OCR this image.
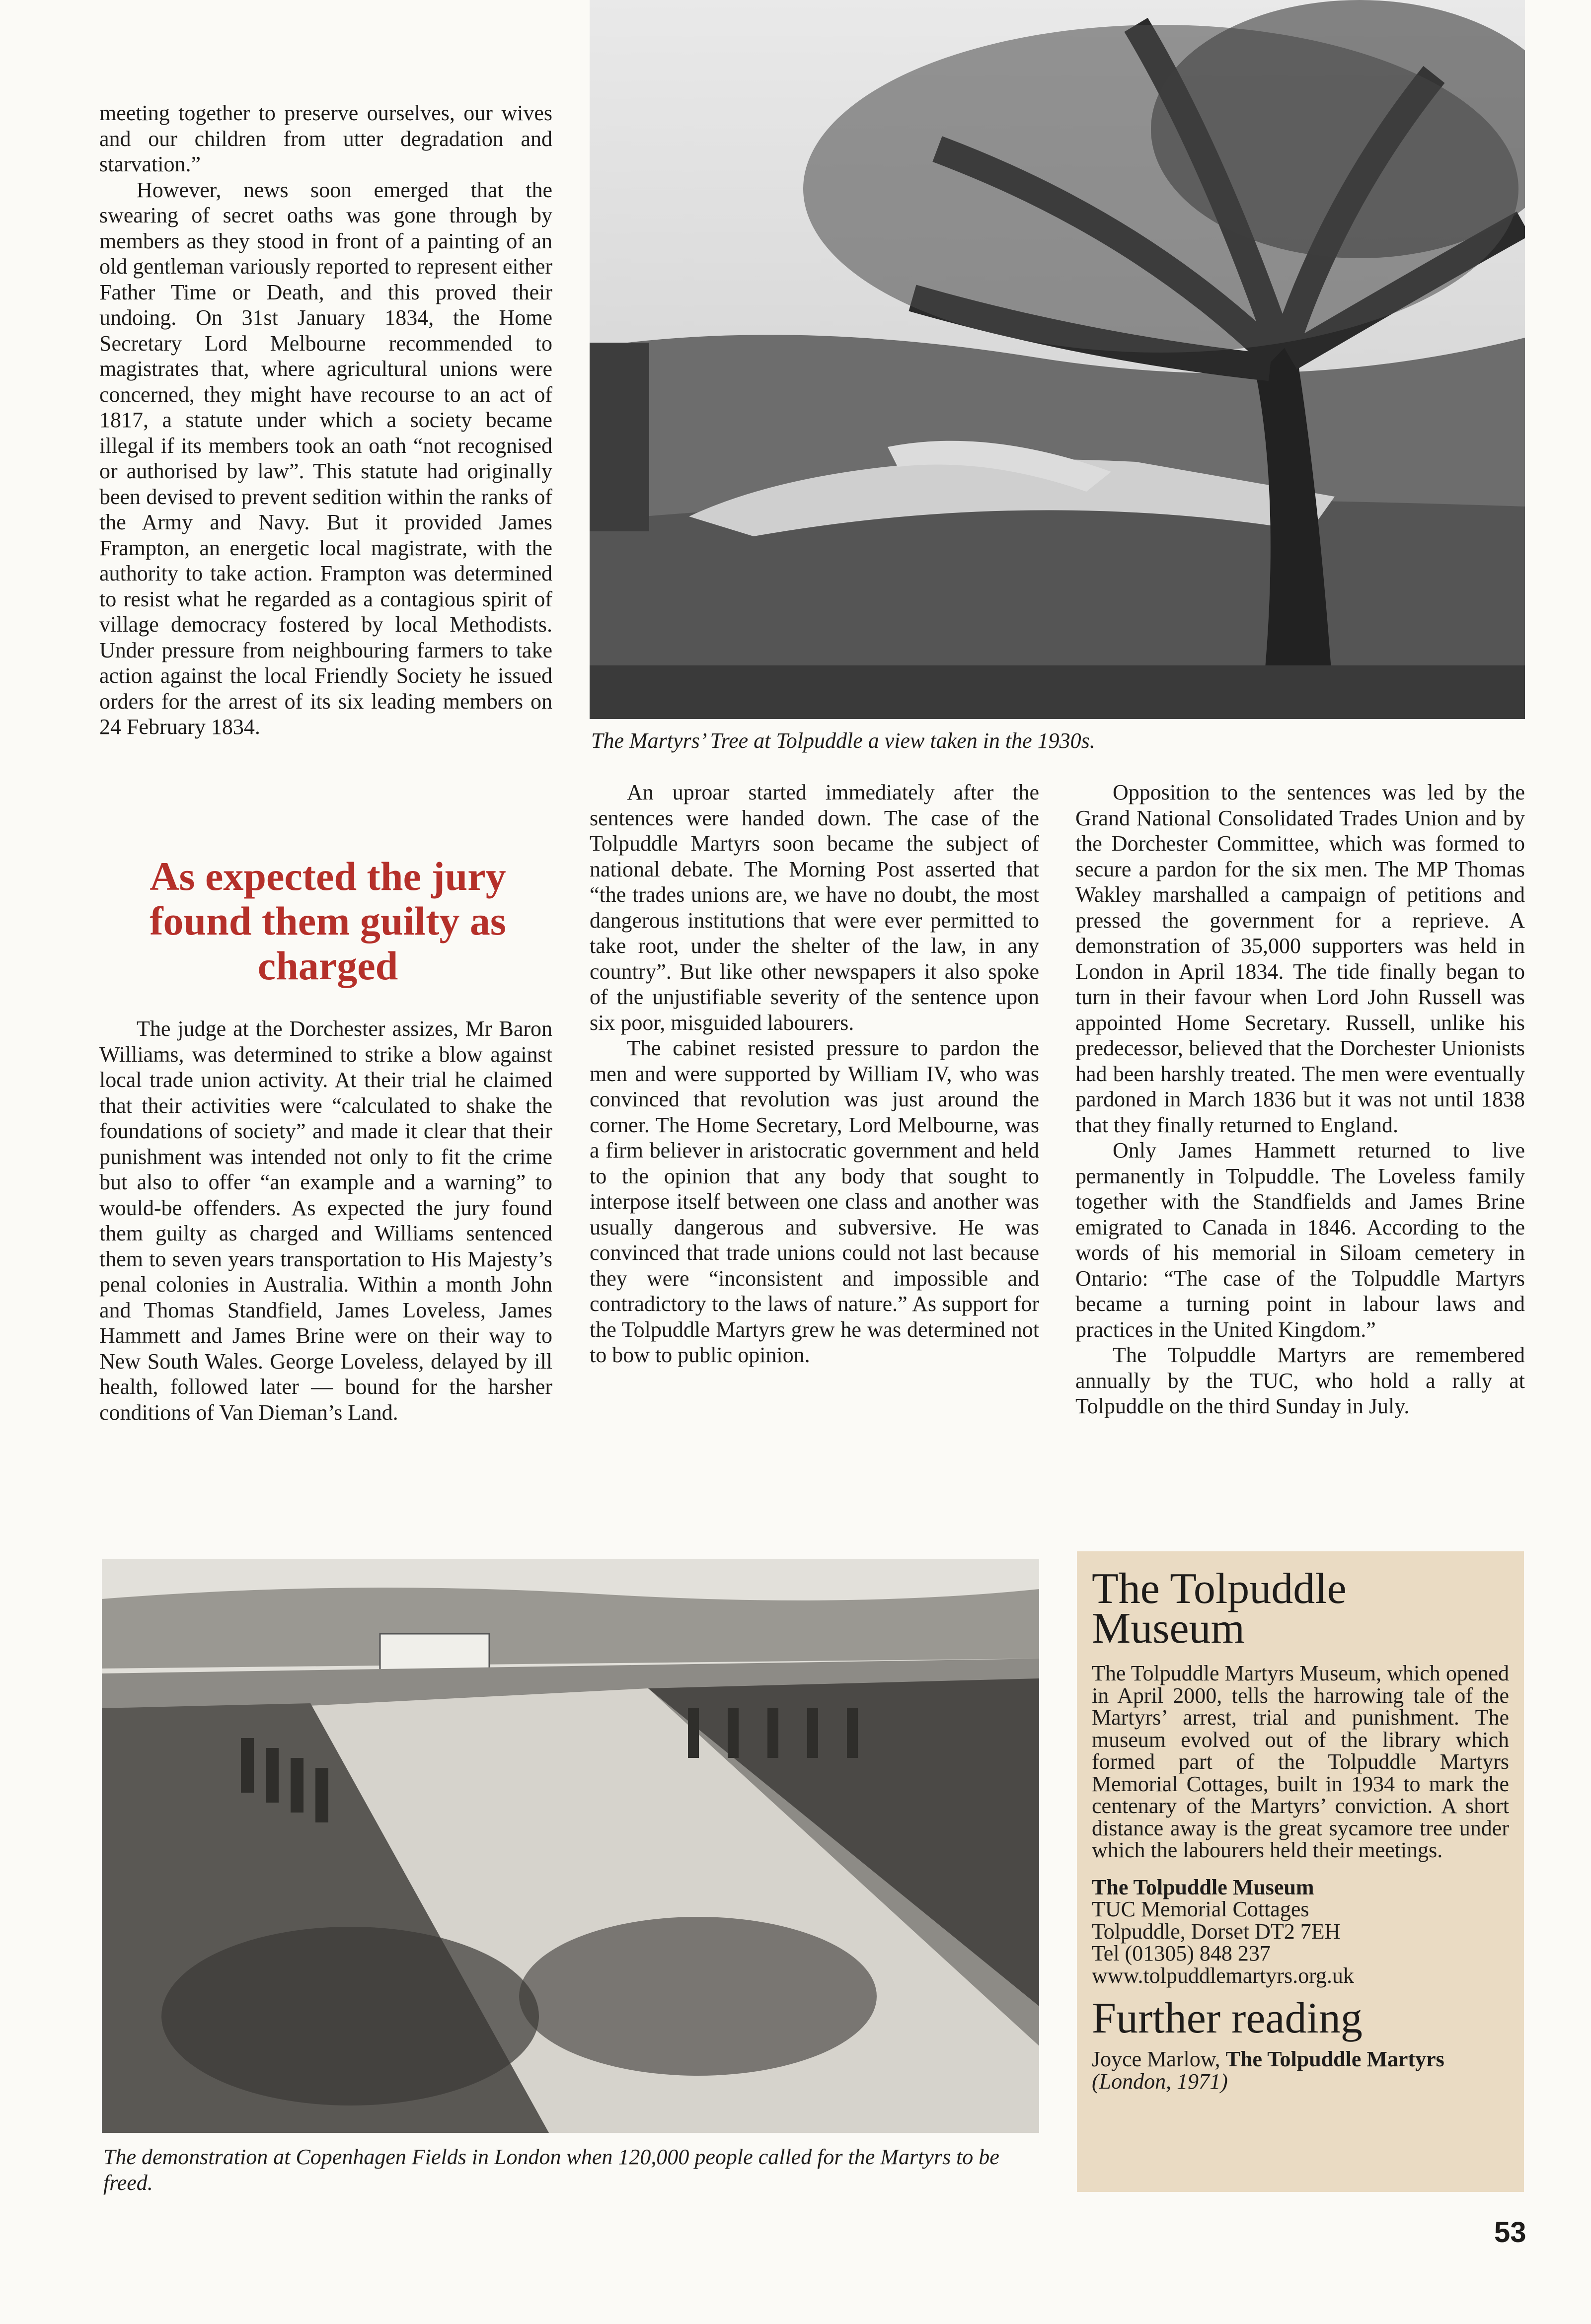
meeting together to preserve ourselves, our wives and our children from utter degradation and starvation.”

However, news soon emerged that the swearing of secret oaths was gone through by members as they stood in front of a painting of an old gentleman variously reported to represent either Father Time or Death, and this proved their undoing. On 31st January 1834, the Home Secretary Lord Melbourne recommended to magistrates that, where agricultural unions were concerned, they might have recourse to an act of 1817, a statute under which a society became illegal if its members took an oath “not recognised or authorised by law”. This statute had originally been devised to prevent sedition within the ranks of the Army and Navy. But it provided James Frampton, an energetic local magistrate, with the authority to take action. Frampton was determined to resist what he regarded as a contagious spirit of village democracy fostered by local Methodists. Under pressure from neighbouring farmers to take action against the local Friendly Society he issued orders for the arrest of its six leading members on 24 February 1834.

As expected the jury found them guilty as charged

The judge at the Dorchester assizes, Mr Baron Williams, was determined to strike a blow against local trade union activity. At their trial he claimed that their activities were “calculated to shake the foundations of society” and made it clear that their punishment was intended not only to fit the crime but also to offer “an example and a warning” to would-be offenders. As expected the jury found them guilty as charged and Williams sentenced them to seven years transportation to His Majesty’s penal colonies in Australia. Within a month John and Thomas Standfield, James Loveless, James Hammett and James Brine were on their way to New South Wales. George Loveless, delayed by ill health, followed later — bound for the harsher conditions of Van Dieman’s Land.

The Martyrs’ Tree at Tolpuddle a view taken in the 1930s.

An uproar started immediately after the sentences were handed down. The case of the Tolpuddle Martyrs soon became the subject of national debate. The Morning Post asserted that “the trades unions are, we have no doubt, the most dangerous institutions that were ever permitted to take root, under the shelter of the law, in any country”. But like other newspapers it also spoke of the unjustifiable severity of the sentence upon six poor, misguided labourers.

The cabinet resisted pressure to pardon the men and were supported by William IV, who was convinced that revolution was just around the corner. The Home Secretary, Lord Melbourne, was a firm believer in aristocratic government and held to the opinion that any body that sought to interpose itself between one class and another was usually dangerous and subversive. He was convinced that trade unions could not last because they were “inconsistent and impossible and contradictory to the laws of nature.” As support for the Tolpuddle Martyrs grew he was determined not to bow to public opinion.

Opposition to the sentences was led by the Grand National Consolidated Trades Union and by the Dorchester Committee, which was formed to secure a pardon for the six men. The MP Thomas Wakley marshalled a campaign of petitions and pressed the government for a reprieve. A demonstration of 35,000 supporters was held in London in April 1834. The tide finally began to turn in their favour when Lord John Russell was appointed Home Secretary. Russell, unlike his predecessor, believed that the Dorchester Unionists had been harshly treated. The men were eventually pardoned in March 1836 but it was not until 1838 that they finally returned to England.

Only James Hammett returned to live permanently in Tolpuddle. The Loveless family together with the Standfields and James Brine emigrated to Canada in 1846. According to the words of his memorial in Siloam cemetery in Ontario: “The case of the Tolpuddle Martyrs became a turning point in labour laws and practices in the United Kingdom.”

The Tolpuddle Martyrs are remembered annually by the TUC, who hold a rally at Tolpuddle on the third Sunday in July.

The demonstration at Copenhagen Fields in London when 120,000 people called for the Martyrs to be freed.
The Tolpuddle Museum
The Tolpuddle Martyrs Museum, which opened in April 2000, tells the harrowing tale of the Martyrs’ arrest, trial and punishment. The museum evolved out of the library which formed part of the Tolpuddle Martyrs Memorial Cottages, built in 1934 to mark the centenary of the Martyrs’ conviction. A short distance away is the great sycamore tree under which the labourers held their meetings.
The Tolpuddle Museum
TUC Memorial Cottages
Tolpuddle, Dorset DT2 7EH
Tel (01305) 848 237
www.tolpuddlemartyrs.org.uk
Further reading
Joyce Marlow, The Tolpuddle Martyrs
(London, 1971)
53
